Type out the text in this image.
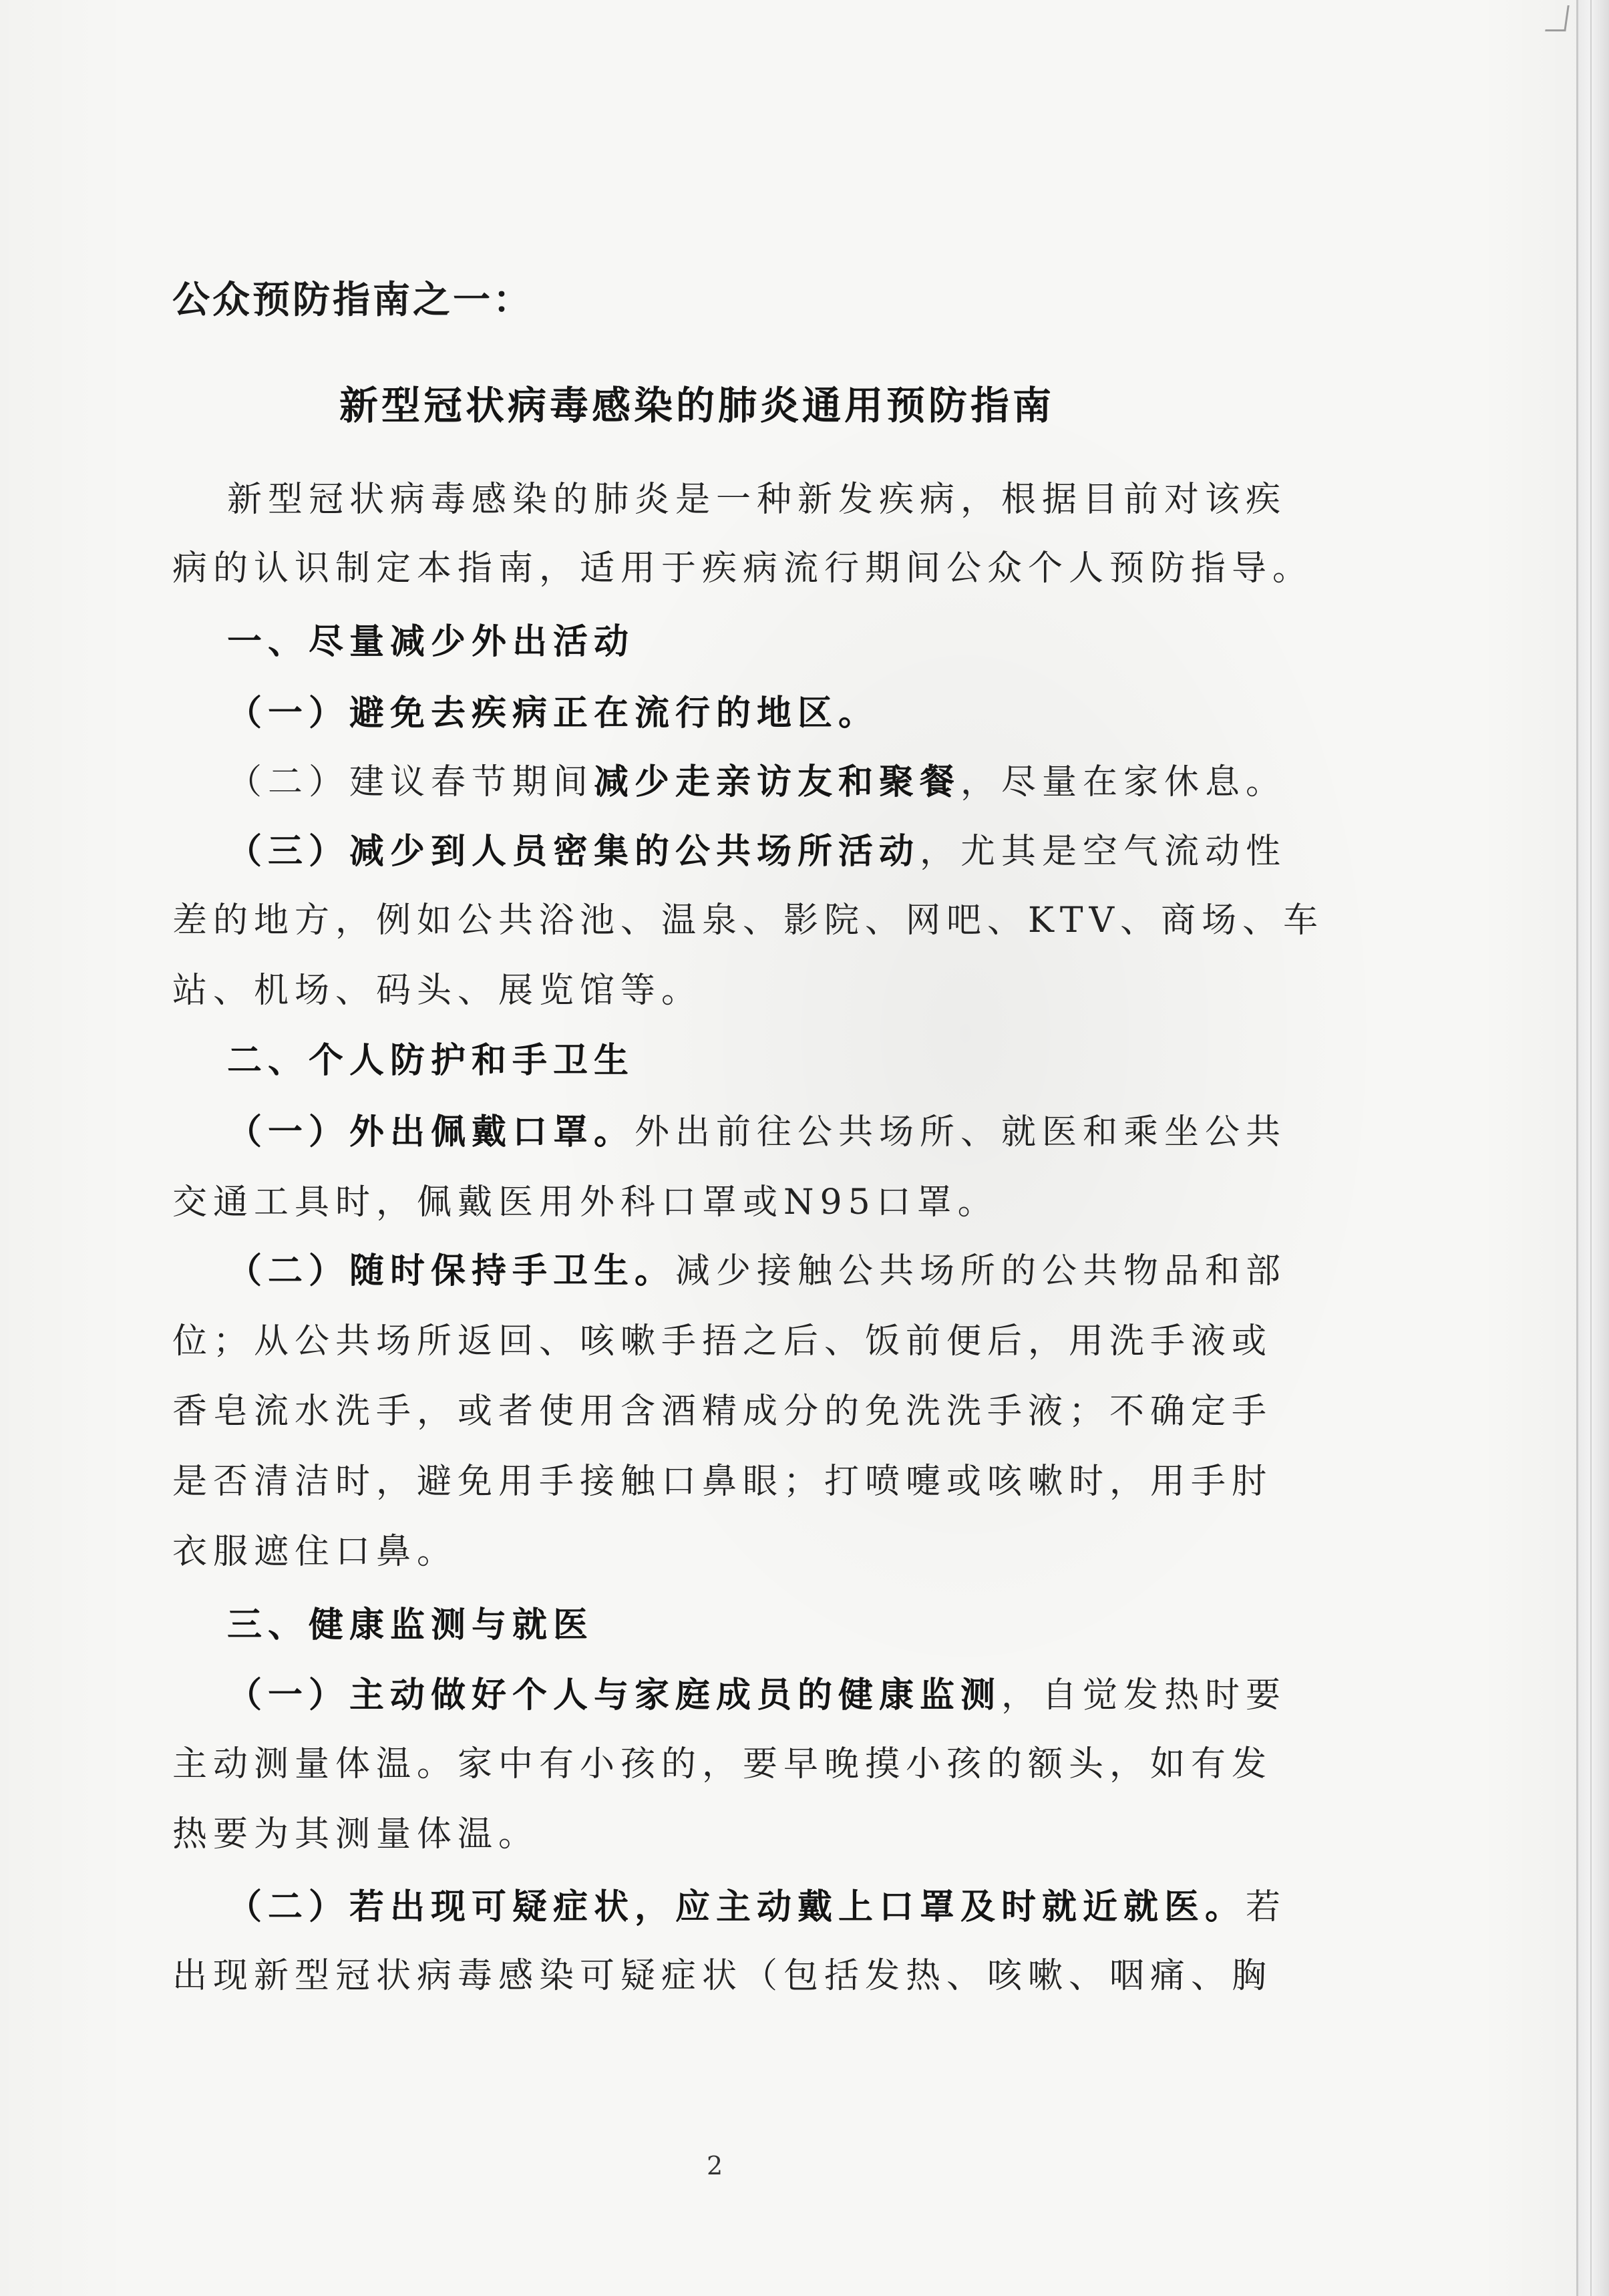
公众预防指南之一：
新型冠状病毒感染的肺炎通用预防指南
新型冠状病毒感染的肺炎是一种新发疾病，根据目前对该疾
病的认识制定本指南，适用于疾病流行期间公众个人预防指导。
一、尽量减少外出活动
（一）避免去疾病正在流行的地区。
（二）建议春节期间减少走亲访友和聚餐，尽量在家休息。
（三）减少到人员密集的公共场所活动，尤其是空气流动性
差的地方，例如公共浴池、温泉、影院、网吧、KTV、商场、车
站、机场、码头、展览馆等。
二、个人防护和手卫生
（一）外出佩戴口罩。外出前往公共场所、就医和乘坐公共
交通工具时，佩戴医用外科口罩或N95口罩。
（二）随时保持手卫生。减少接触公共场所的公共物品和部
位；从公共场所返回、咳嗽手捂之后、饭前便后，用洗手液或
香皂流水洗手，或者使用含酒精成分的免洗洗手液；不确定手
是否清洁时，避免用手接触口鼻眼；打喷嚏或咳嗽时，用手肘
衣服遮住口鼻。
三、健康监测与就医
（一）主动做好个人与家庭成员的健康监测，自觉发热时要
主动测量体温。家中有小孩的，要早晚摸小孩的额头，如有发
热要为其测量体温。
（二）若出现可疑症状，应主动戴上口罩及时就近就医。若
出现新型冠状病毒感染可疑症状（包括发热、咳嗽、咽痛、胸
2
